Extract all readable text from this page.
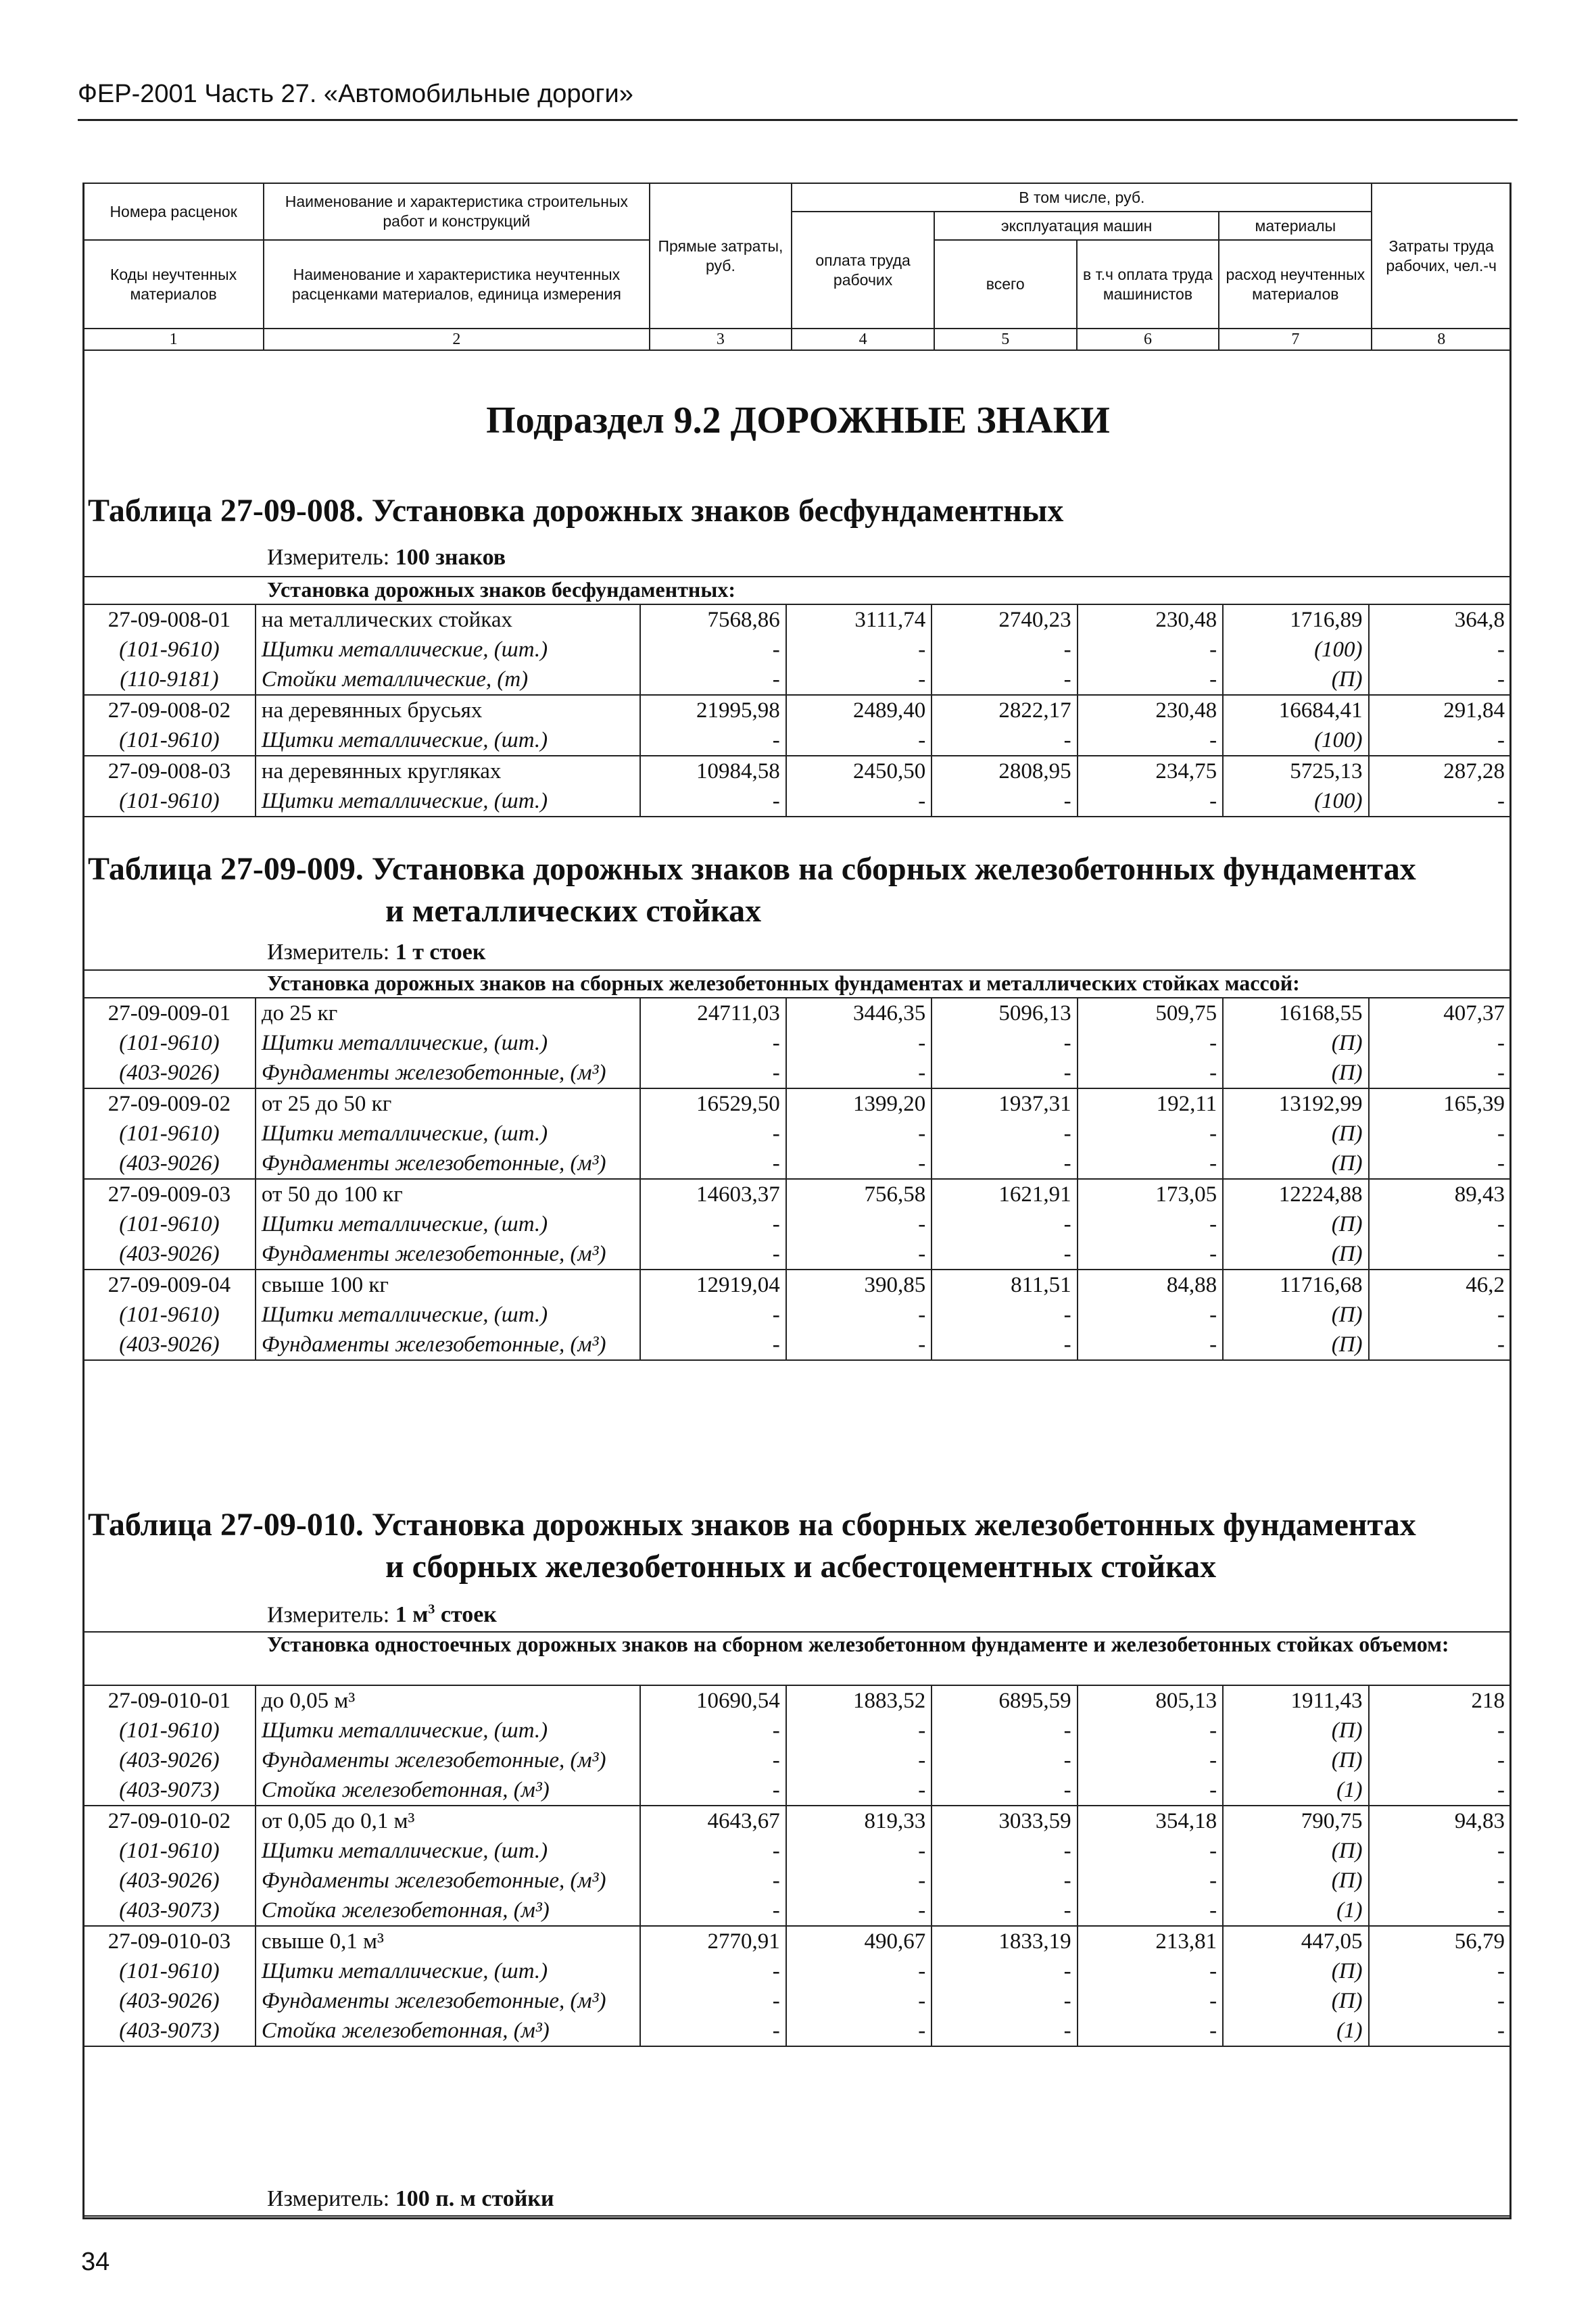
ФЕР-2001 Часть 27. «Автомобильные дороги»
Номера расценок	Наименование и характеристика строительных работ и конструкций	Прямые затраты, руб.	В том числе, руб.				Затраты труда рабочих, чел.-ч
			оплата труда рабочих	эксплуатация машин		материалы	
Коды неучтенных материалов	Наименование и характеристика неучтенных расценками материалов, единица измерения			всего	в т.ч оплата труда машинистов	расход неучтенных материалов	

1	2	3	4	5	6	7	8
Подраздел 9.2 ДОРОЖНЫЕ ЗНАКИ
Таблица 27-09-008. Установка дорожных знаков бесфундаментных
Измеритель: 100 знаков
Установка дорожных знаков бесфундаментных:
27-09-008-01	на металлических стойках	7568,86	3111,74	2740,23	230,48	1716,89	364,8
(101-9610)	Щитки металлические, (шт.)	-	-	-	-	(100)	-
(110-9181)	Стойки металлические, (т)	-	-	-	-	(П)	-
27-09-008-02	на деревянных брусьях	21995,98	2489,40	2822,17	230,48	16684,41	291,84
(101-9610)	Щитки металлические, (шт.)	-	-	-	-	(100)	-
27-09-008-03	на деревянных кругляках	10984,58	2450,50	2808,95	234,75	5725,13	287,28
(101-9610)	Щитки металлические, (шт.)	-	-	-	-	(100)	-
Таблица 27-09-009. Установка дорожных знаков на сборных железобетонных фундаментах
и металлических стойках
Измеритель: 1 т стоек
Установка дорожных знаков на сборных железобетонных фундаментах и металлических стойках массой:
27-09-009-01	до 25 кг	24711,03	3446,35	5096,13	509,75	16168,55	407,37
(101-9610)	Щитки металлические, (шт.)	-	-	-	-	(П)	-
(403-9026)	Фундаменты железобетонные, (м³)	-	-	-	-	(П)	-
27-09-009-02	от 25 до 50 кг	16529,50	1399,20	1937,31	192,11	13192,99	165,39
(101-9610)	Щитки металлические, (шт.)	-	-	-	-	(П)	-
(403-9026)	Фундаменты железобетонные, (м³)	-	-	-	-	(П)	-
27-09-009-03	от 50 до 100 кг	14603,37	756,58	1621,91	173,05	12224,88	89,43
(101-9610)	Щитки металлические, (шт.)	-	-	-	-	(П)	-
(403-9026)	Фундаменты железобетонные, (м³)	-	-	-	-	(П)	-
27-09-009-04	свыше 100 кг	12919,04	390,85	811,51	84,88	11716,68	46,2
(101-9610)	Щитки металлические, (шт.)	-	-	-	-	(П)	-
(403-9026)	Фундаменты железобетонные, (м³)	-	-	-	-	(П)	-
Таблица 27-09-010. Установка дорожных знаков на сборных железобетонных фундаментах
и сборных железобетонных и асбестоцементных стойках
Измеритель: 1 $м^3$ стоек
Установка одностоечных дорожных знаков на сборном железобетонном фундаменте и железобетонных стойках объемом:
27-09-010-01	до 0,05 м³	10690,54	1883,52	6895,59	805,13	1911,43	218
(101-9610)	Щитки металлические, (шт.)	-	-	-	-	(П)	-
(403-9026)	Фундаменты железобетонные, (м³)	-	-	-	-	(П)	-
(403-9073)	Стойка железобетонная, (м³)	-	-	-	-	(1)	-
27-09-010-02	от 0,05 до 0,1 м³	4643,67	819,33	3033,59	354,18	790,75	94,83
(101-9610)	Щитки металлические, (шт.)	-	-	-	-	(П)	-
(403-9026)	Фундаменты железобетонные, (м³)	-	-	-	-	(П)	-
(403-9073)	Стойка железобетонная, (м³)	-	-	-	-	(1)	-
27-09-010-03	свыше 0,1 м³	2770,91	490,67	1833,19	213,81	447,05	56,79
(101-9610)	Щитки металлические, (шт.)	-	-	-	-	(П)	-
(403-9026)	Фундаменты железобетонные, (м³)	-	-	-	-	(П)	-
(403-9073)	Стойка железобетонная, (м³)	-	-	-	-	(1)	-
Измеритель: 100 п. м стойки
34
